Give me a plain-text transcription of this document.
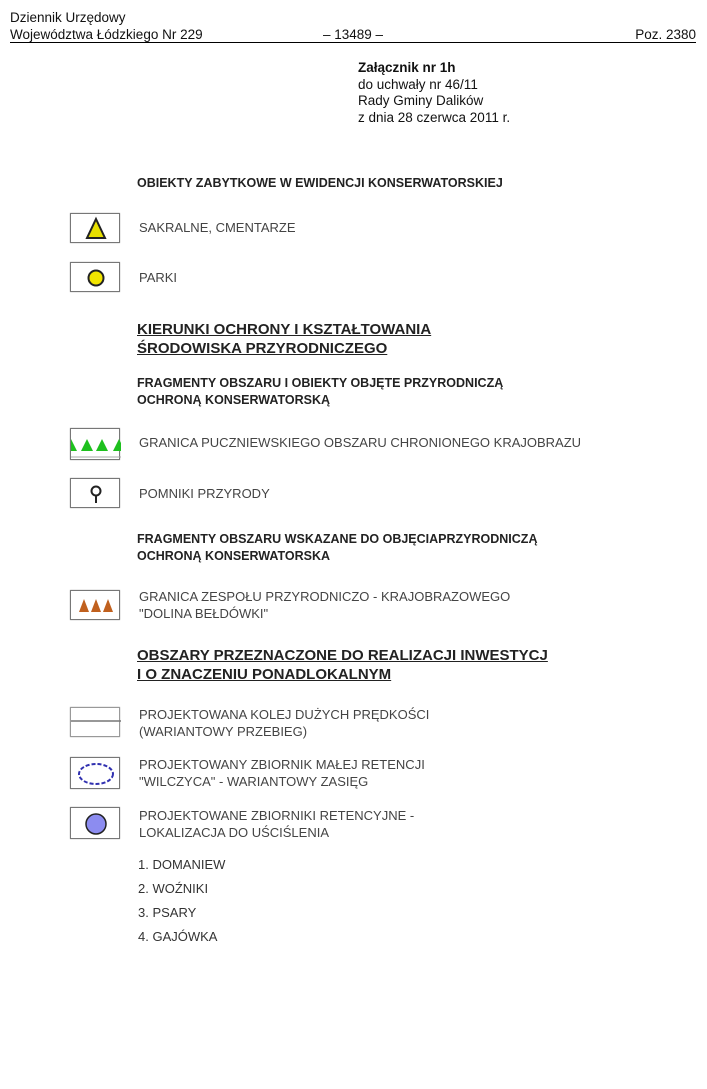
Dziennik Urzędowy
Województwa Łódzkiego Nr 229	– 13489 –	Poz. 2380
Załącznik nr 1h
do uchwały nr 46/11
Rady Gminy Dalików
z dnia 28 czerwca 2011 r.
OBIEKTY ZABYTKOWE W EWIDENCJI KONSERWATORSKIEJ
SAKRALNE, CMENTARZE
PARKI
KIERUNKI OCHRONY I KSZTAŁTOWANIA
ŚRODOWISKA PRZYRODNICZEGO
FRAGMENTY OBSZARU I OBIEKTY OBJĘTE PRZYRODNICZĄ
OCHRONĄ KONSERWATORSKĄ
GRANICA PUCZNIEWSKIEGO OBSZARU CHRONIONEGO KRAJOBRAZU
POMNIKI PRZYRODY
FRAGMENTY OBSZARU WSKAZANE DO OBJĘCIAPRZYRODNICZĄ
OCHRONĄ KONSERWATORSKA
GRANICA ZESPOŁU PRZYRODNICZO - KRAJOBRAZOWEGO
"DOLINA BEŁDÓWKI"
OBSZARY PRZEZNACZONE DO REALIZACJI INWESTYCJ
I O ZNACZENIU PONADLOKALNYM
PROJEKTOWANA KOLEJ DUŻYCH PRĘDKOŚCI
(WARIANTOWY PRZEBIEG)
PROJEKTOWANY ZBIORNIK MAŁEJ RETENCJI
"WILCZYCA" - WARIANTOWY ZASIĘG
PROJEKTOWANE ZBIORNIKI RETENCYJNE -
LOKALIZACJA DO UŚCIŚLENIA
1. DOMANIEW
2. WOŹNIKI
3. PSARY
4. GAJÓWKA
